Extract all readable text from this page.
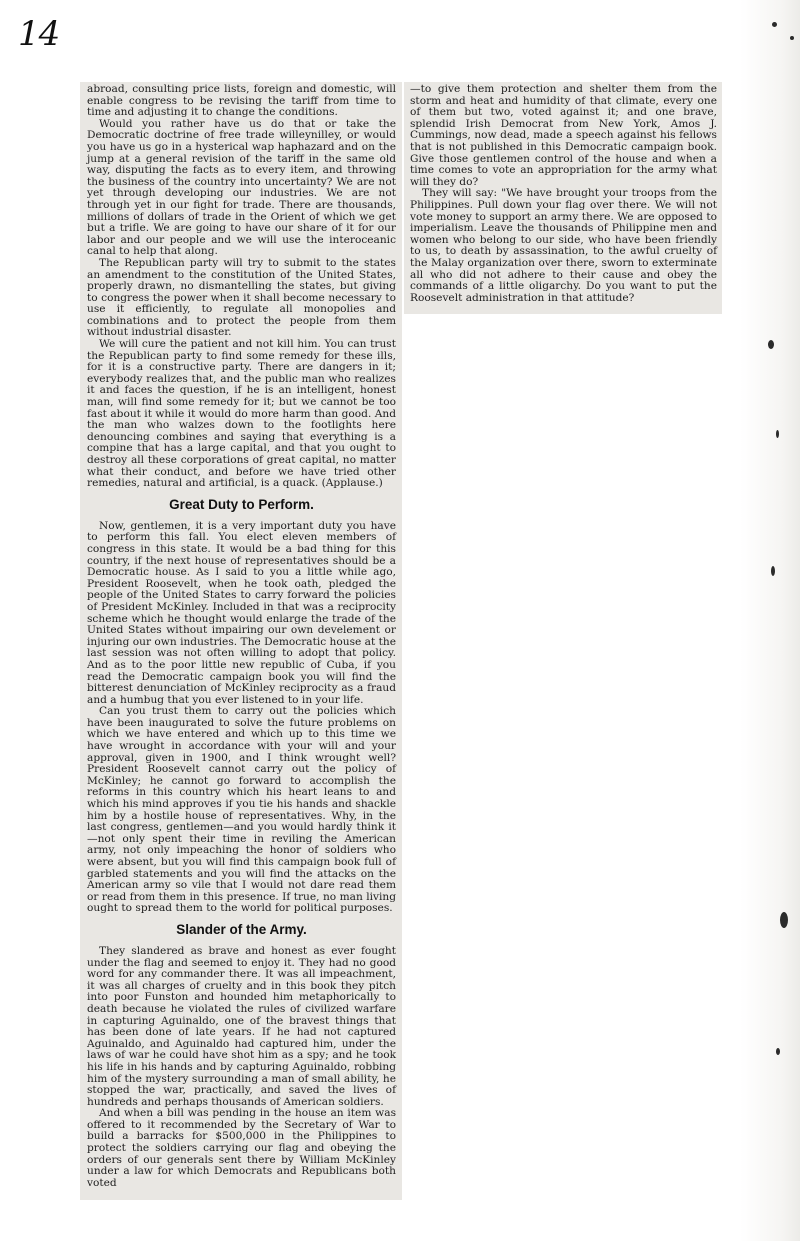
14

abroad, consulting price lists, foreign and domestic, will enable congress to be revising the tariff from time to time and adjusting it to change the conditions.

Would you rather have us do that or take the Democratic doctrine of free trade willeynilley, or would you have us go in a hysterical wap haphazard and on the jump at a general revision of the tariff in the same old way, disputing the facts as to every item, and throwing the business of the country into uncertainty? We are not yet through developing our industries. We are not through yet in our fight for trade. There are thousands, millions of dollars of trade in the Orient of which we get but a trifle. We are going to have our share of it for our labor and our people and we will use the interoceanic canal to help that along.

The Republican party will try to submit to the states an amendment to the constitution of the United States, properly drawn, no dismantelling the states, but giving to congress the power when it shall become necessary to use it efficiently, to regulate all monopolies and combinations and to protect the people from them without industrial disaster.

We will cure the patient and not kill him. You can trust the Republican party to find some remedy for these ills, for it is a constructive party. There are dangers in it; everybody realizes that, and the public man who realizes it and faces the question, if he is an intelligent, honest man, will find some remedy for it; but we cannot be too fast about it while it would do more harm than good. And the man who walzes down to the footlights here denouncing combines and saying that everything is a compine that has a large capital, and that you ought to destroy all these corporations of great capital, no matter what their conduct, and before we have tried other remedies, natural and artificial, is a quack. (Applause.)

Great Duty to Perform.

Now, gentlemen, it is a very important duty you have to perform this fall. You elect eleven members of congress in this state. It would be a bad thing for this country, if the next house of representatives should be a Democratic house. As I said to you a little while ago, President Roosevelt, when he took oath, pledged the people of the United States to carry forward the policies of President McKinley. Included in that was a reciprocity scheme which he thought would enlarge the trade of the United States without impairing our own develement or injuring our own industries. The Democratic house at the last session was not often willing to adopt that policy. And as to the poor little new republic of Cuba, if you read the Democratic campaign book you will find the bitterest denunciation of McKinley reciprocity as a fraud and a humbug that you ever listened to in your life.

Can you trust them to carry out the policies which have been inaugurated to solve the future problems on which we have entered and which up to this time we have wrought in accordance with your will and your approval, given in 1900, and I think wrought well? President Roosevelt cannot carry out the policy of McKinley; he cannot go forward to accomplish the reforms in this country which his heart leans to and which his mind approves if you tie his hands and shackle him by a hostile house of representatives. Why, in the last congress, gentlemen—and you would hardly think it—not only spent their time in reviling the American army, not only impeaching the honor of soldiers who were absent, but you will find this campaign book full of garbled statements and you will find the attacks on the American army so vile that I would not dare read them or read from them in this presence. If true, no man living ought to spread them to the world for political purposes.

Slander of the Army.

They slandered as brave and honest as ever fought under the flag and seemed to enjoy it. They had no good word for any commander there. It was all impeachment, it was all charges of cruelty and in this book they pitch into poor Funston and hounded him metaphorically to death because he violated the rules of civilized warfare in capturing Aguinaldo, one of the bravest things that has been done of late years. If he had not captured Aguinaldo, and Aguinaldo had captured him, under the laws of war he could have shot him as a spy; and he took his life in his hands and by capturing Aguinaldo, robbing him of the mystery surrounding a man of small ability, he stopped the war, practically, and saved the lives of hundreds and perhaps thousands of American soldiers.

And when a bill was pending in the house an item was offered to it recommended by the Secretary of War to build a barracks for $500,000 in the Philippines to protect the soldiers carrying our flag and obeying the orders of our generals sent there by William McKinley under a law for which Democrats and Republicans both voted

—to give them protection and shelter them from the storm and heat and humidity of that climate, every one of them but two, voted against it; and one brave, splendid Irish Democrat from New York, Amos J. Cummings, now dead, made a speech against his fellows that is not published in this Democratic campaign book. Give those gentlemen control of the house and when a time comes to vote an appropriation for the army what will they do?

They will say: "We have brought your troops from the Philippines. Pull down your flag over there. We will not vote money to support an army there. We are opposed to imperialism. Leave the thousands of Philippine men and women who belong to our side, who have been friendly to us, to death by assassination, to the awful cruelty of the Malay organization over there, sworn to exterminate all who did not adhere to their cause and obey the commands of a little oligarchy. Do you want to put the Roosevelt administration in that attitude?
